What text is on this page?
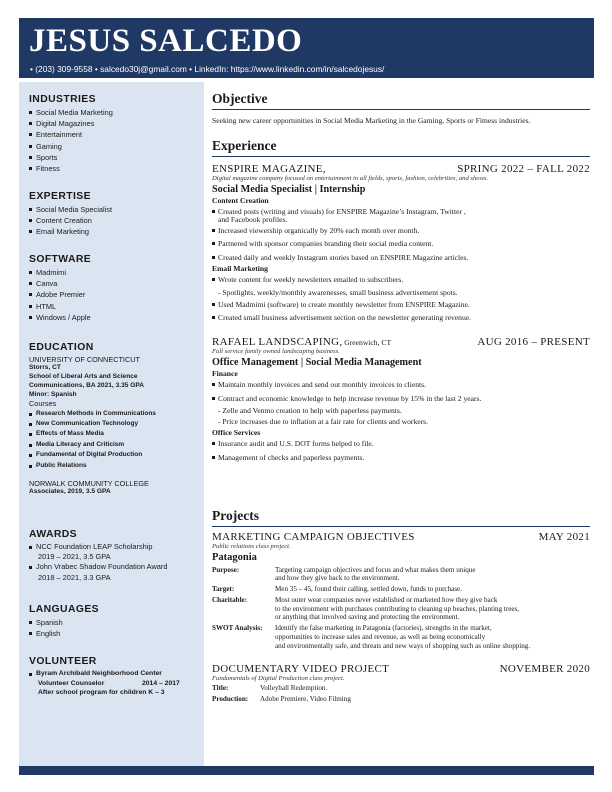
JESUS SALCEDO
• (203) 309-9558 • salcedo30j@gmail.com • LinkedIn: https://www.linkedin.com/in/salcedojesus/
INDUSTRIES
Social Media Marketing
Digital Magazines
Entertainment
Gaming
Sports
Fitness
EXPERTISE
Social Media Specialist
Content Creation
Email Marketing
SOFTWARE
Madmimi
Canva
Adobe Premier
HTML
Windows / Apple
EDUCATION
UNIVERSITY OF CONNECTICUT
Storrs, CT
School of Liberal Arts and Science
Communications, BA 2021, 3.35 GPA
Minor: Spanish
Courses
Research Methods in Communications
New Communication Technology
Effects of Mass Media
Media Literacy and Criticism
Fundamental of Digital Production
Public Relations
NORWALK COMMUNITY COLLEGE
Associates, 2019, 3.5 GPA
AWARDS
NCC Foundation LEAP Scholarship
2019 – 2021, 3.5 GPA
John Vrabec Shadow Foundation Award
2018 – 2021, 3.3 GPA
LANGUAGES
Spanish
English
VOLUNTEER
Byram Archibald Neighborhood Center
Volunteer Counselor	2014 – 2017
After school program for children K – 3
Objective
Seeking new career opportunities in Social Media Marketing in the Gaming, Sports or Fitness industries.
Experience
ENSPIRE MAGAZINE,	SPRING 2022 – FALL 2022
Digital magazine company focused on entertainment in all fields, sports, fashion, celebrities, and shows.
Social Media Specialist | Internship
Content Creation
Created posts (writing and visuals) for ENSPIRE Magazine’s Instagram, Twitter ,
and Facebook profiles.
Increased viewership organically by 20% each month over month.
Partnered with sponsor companies branding their social media content.
Created daily and weekly Instagram stories based on ENSPIRE Magazine articles.
Email Marketing
Wrote content for weekly newsletters emailed to subscribers.
- Spotlights, weekly/monthly awarenesses, small business advertisement spots.
Used Madmimi (software) to create monthly newsletter from ENSPIRE Magazine.
Created small business advertisement section on the newsletter generating revenue.
RAFAEL LANDSCAPING, Greenwich, CT	AUG 2016 – PRESENT
Full service family owned landscaping business.
Office Management | Social Media Management
Finance
Maintain monthly invoices and send out monthly invoices to clients.
Contract and economic knowledge to help increase revenue by 15% in the last 2 years.
- Zelle and Venmo creation to help with paperless payments.
- Price increases due to inflation at a fair rate for clients and workers.
Office Services
Insurance audit and U.S. DOT forms helped to file.
Management of checks and paperless payments.
Projects
MARKETING CAMPAIGN OBJECTIVES	MAY 2021
Public relations class project.
Patagonia
Purpose:	Targeting campaign objectives and focus and what makes them unique
and how they give back to the environment.
Target:	Men 35 – 45, found their calling, settled down, funds to purchase.
Charitable:	Most outer wear companies never established or marketed how they give back
to the environment with purchases contributing to cleaning up beaches, planting trees,
or anything that involved saving and protecting the environment.
SWOT Analysis: Identify the false marketing in Patagonia (factories), strengths in the market,
opportunities to increase sales and revenue, as well as being economically
and environmentally safe, and threats and new ways of shopping such as online shopping.
DOCUMENTARY VIDEO PROJECT	NOVEMBER 2020
Fundamentals of Digital Production class project.
Title:	Volleyball Redemption.
Production: Adobe Premiere, Video Filming
